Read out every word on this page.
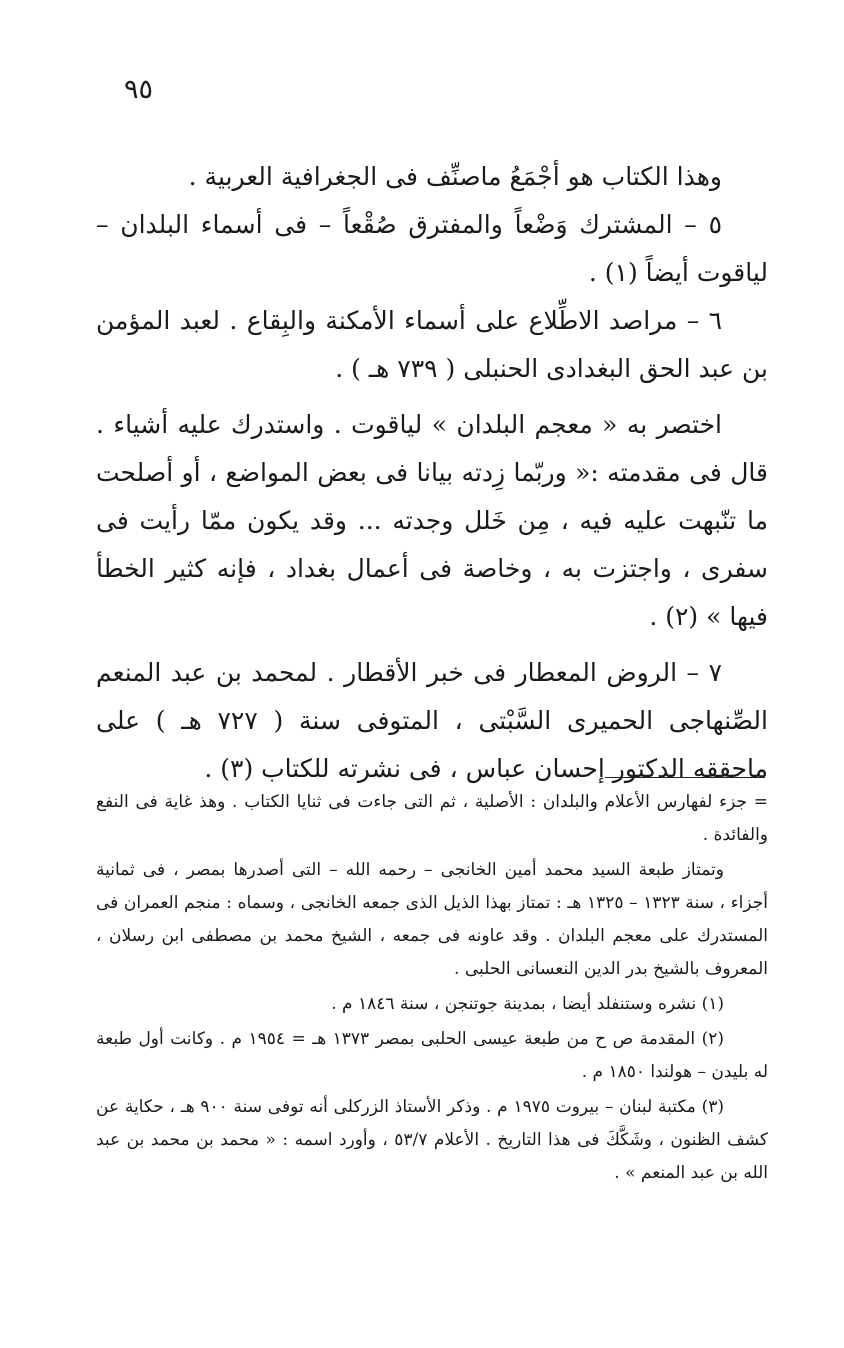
٩٥

وهذا الكتاب هو أجْمَعُ ماصنِّف فى الجغرافية العربية .

٥ – المشترك وَضْعاً والمفترق صُقْعاً – فى أسماء البلدان – لياقوت أيضاً (١) .

٦ – مراصد الاطِّلاع على أسماء الأمكنة والبِقاع . لعبد المؤمن بن عبد الحق البغدادى الحنبلى ( ٧٣٩ هـ ) .

اختصر به « معجم البلدان » لياقوت . واستدرك عليه أشياء . قال فى مقدمته :« وربّما زِدته بيانا فى بعض المواضع ، أو أصلحت ما تنّبهت عليه فيه ، مِن خَلل وجدته ... وقد يكون ممّا رأيت فى سفرى ، واجتزت به ، وخاصة فى أعمال بغداد ، فإنه كثير الخطأ فيها » (٢) .

٧ – الروض المعطار فى خبر الأقطار . لمحمد بن عبد المنعم الصِّنهاجى الحميرى السَّبْتى ، المتوفى سنة ( ٧٢٧ هـ ) على ماحققه الدكتور إحسان عباس ، فى نشرته للكتاب (٣) .

= جزء لفهارس الأعلام والبلدان : الأصلية ، ثم التى جاءت فى ثنايا الكتاب . وهذ غاية فى النفع والفائدة .

وتمتاز طبعة السيد محمد أمين الخانجى – رحمه الله – التى أصدرها بمصر ، فى ثمانية أجزاء ، سنة ١٣٢٣ – ١٣٢٥ هـ : تمتاز بهذا الذيل الذى جمعه الخانجى ، وسماه : منجم العمران فى المستدرك على معجم البلدان . وقد عاونه فى جمعه ، الشيخ محمد بن مصطفى ابن رسلان ، المعروف بالشيخ بدر الدين النعسانى الحلبى .

(١) نشره وستنفلد أيضا ، بمدينة جوتنجن ، سنة ١٨٤٦ م .

(٢) المقدمة ص ح من طبعة عيسى الحلبى بمصر ١٣٧٣ هـ = ١٩٥٤ م . وكانت أول طبعة له بليدن – هولندا ١٨٥٠ م .

(٣) مكتبة لبنان – بيروت ١٩٧٥ م . وذكر الأستاذ الزركلى أنه توفى سنة ٩٠٠ هـ ، حكاية عن كشف الظنون ، وشَكَّكَ فى هذا التاريخ . الأعلام ٥٣/٧ ، وأورد اسمه : « محمد بن محمد بن عبد الله بن عبد المنعم » .
